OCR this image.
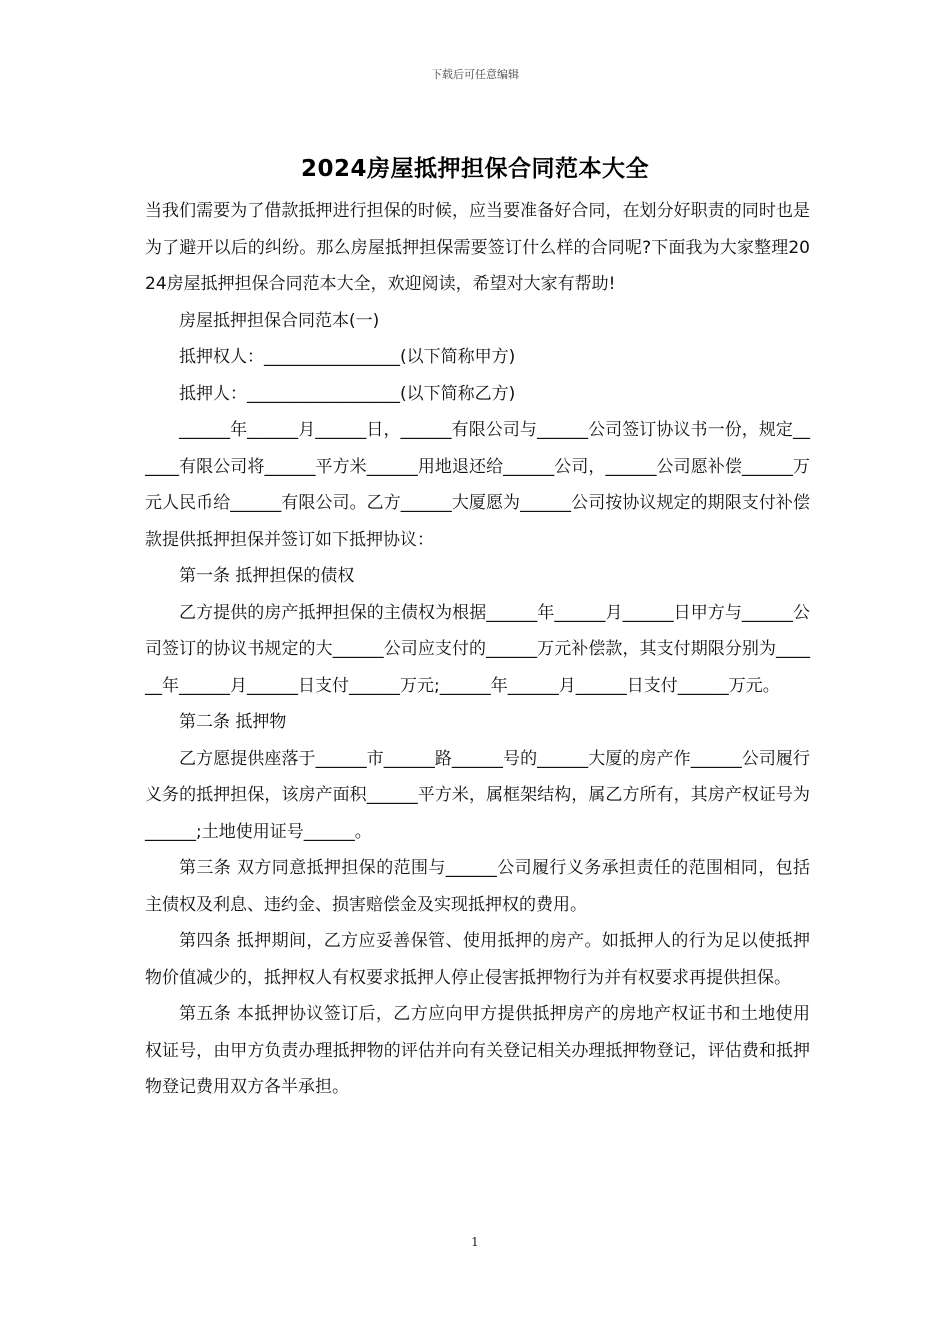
下载后可任意编辑
2024房屋抵押担保合同范本大全

当我们需要为了借款抵押进行担保的时候，应当要准备好合同，在划分好职责的同时也是为了避开以后的纠纷。那么房屋抵押担保需要签订什么样的合同呢?下面我为大家整理2024房屋抵押担保合同范本大全，欢迎阅读，希望对大家有帮助!

房屋抵押担保合同范本(一)

抵押权人：________________(以下简称甲方)

抵押人：__________________(以下简称乙方)

______年______月______日，______有限公司与______公司签订协议书一份，规定______有限公司将______平方米______用地退还给______公司，______公司愿补偿______万元人民币给______有限公司。乙方______大厦愿为______公司按协议规定的期限支付补偿款提供抵押担保并签订如下抵押协议：

第一条 抵押担保的债权

乙方提供的房产抵押担保的主债权为根据______年______月______日甲方与______公司签订的协议书规定的大______公司应支付的______万元补偿款，其支付期限分别为______年______月______日支付______万元;______年______月______日支付______万元。

第二条 抵押物

乙方愿提供座落于______市______路______号的______大厦的房产作______公司履行义务的抵押担保，该房产面积______平方米，属框架结构，属乙方所有，其房产权证号为______;土地使用证号______。

第三条 双方同意抵押担保的范围与______公司履行义务承担责任的范围相同，包括主债权及利息、违约金、损害赔偿金及实现抵押权的费用。

第四条 抵押期间，乙方应妥善保管、使用抵押的房产。如抵押人的行为足以使抵押物价值减少的，抵押权人有权要求抵押人停止侵害抵押物行为并有权要求再提供担保。

第五条 本抵押协议签订后，乙方应向甲方提供抵押房产的房地产权证书和土地使用权证号，由甲方负责办理抵押物的评估并向有关登记相关办理抵押物登记，评估费和抵押物登记费用双方各半承担。

1
